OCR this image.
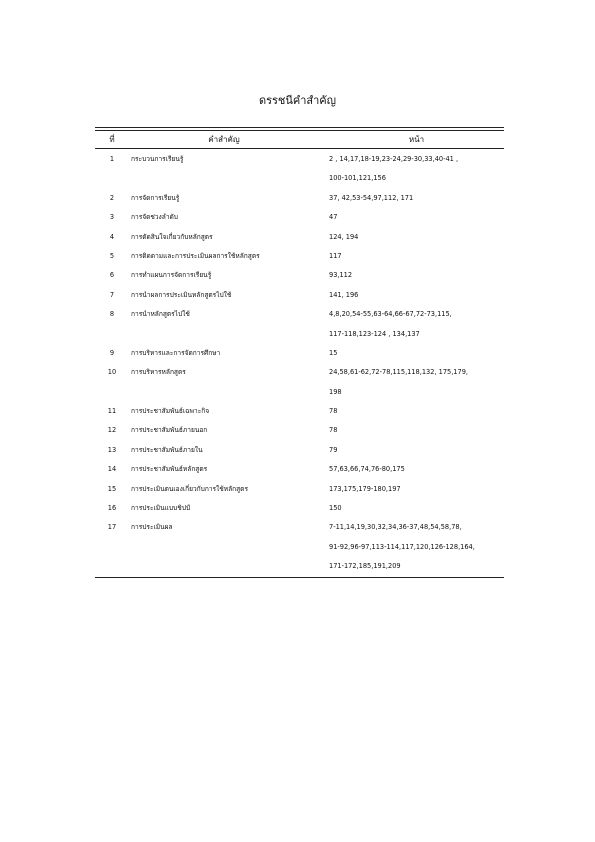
ดรรชนีคำสำคัญ
ที่	คำสำคัญ	หน้า
1	กระบวนการเรียนรู้	2 , 14,17,18-19,23-24,29-30,33,40-41 ,
100-101,121,156
2	การจัดการเรียนรู้	37, 42,53-54,97,112, 171
3	การจัดช่วงลำดับ	47
4	การตัดสินใจเกี่ยวกับหลักสูตร	124, 194
5	การติดตามและการประเมินผลการใช้หลักสูตร	117
6	การทำแผนการจัดการเรียนรู้	93,112
7	การนำผลการประเมินหลักสูตรไปใช้	141, 196
8	การนำหลักสูตรไปใช้	4,8,20,54-55,63-64,66-67,72-73,115,
117-118,123-124 , 134,137
9	การบริหารและการจัดการศึกษา	15
10	การบริหารหลักสูตร	24,58,61-62,72-78,115,118,132, 175,179,
198
11	การประชาสัมพันธ์เฉพาะกิจ	78
12	การประชาสัมพันธ์ภายนอก	78
13	การประชาสัมพันธ์ภายใน	79
14	การประชาสัมพันธ์หลักสูตร	57,63,66,74,76-80,175
15	การประเมินตนเองเกี่ยวกับการใช้หลักสูตร	173,175,179-180,197
16	การประเมินแบบชิปป์	150
17	การประเมินผล	7-11,14,19,30,32,34,36-37,48,54,58,78,
91-92,96-97,113-114,117,120,126-128,164,
171-172,185,191,209
